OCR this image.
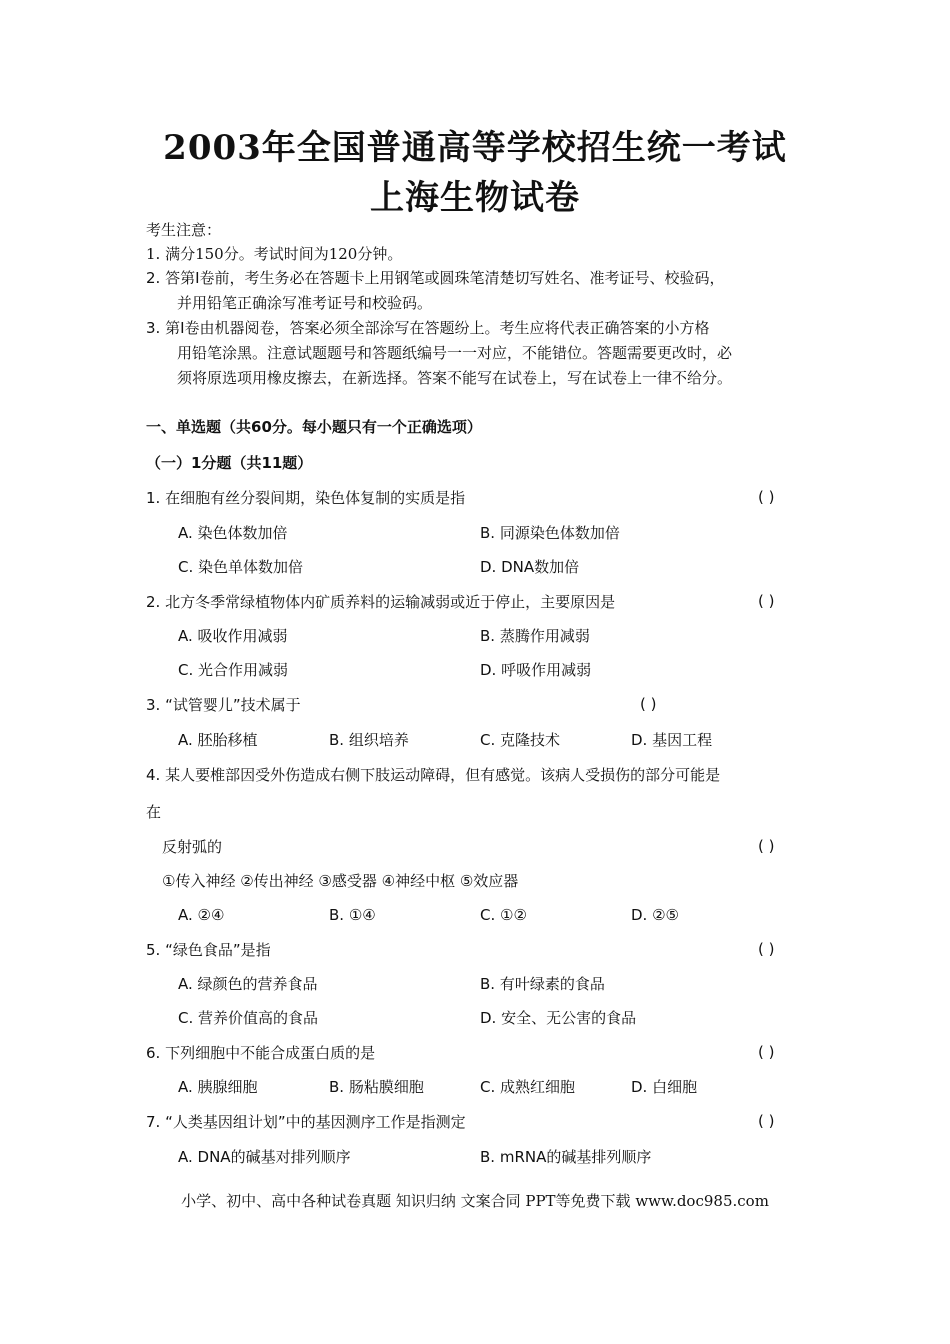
2003年全国普通高等学校招生统一考试
上海生物试卷
考生注意：
1. 满分150分。考试时间为120分钟。
2. 答第Ⅰ卷前，考生务必在答题卡上用钢笔或圆珠笔清楚切写姓名、准考证号、校验码，
并用铅笔正确涂写准考证号和校验码。
3. 第Ⅰ卷由机器阅卷，答案必须全部涂写在答题纷上。考生应将代表正确答案的小方格
用铅笔涂黑。注意试题题号和答题纸编号一一对应，不能错位。答题需要更改时，必
须将原选项用橡皮擦去，在新选择。答案不能写在试卷上，写在试卷上一律不给分。
一、单选题（共60分。每小题只有一个正确选项）
（一）1分题（共11题）
1. 在细胞有丝分裂间期，染色体复制的实质是指	( )
A. 染色体数加倍	B. 同源染色体数加倍
C. 染色单体数加倍	D. DNA数加倍
2. 北方冬季常绿植物体内矿质养料的运输减弱或近于停止，主要原因是	( )
A. 吸收作用减弱	B. 蒸腾作用减弱
C. 光合作用减弱	D. 呼吸作用减弱
3. “试管婴儿”技术属于	( )
A. 胚胎移植	B. 组织培养	C. 克隆技术	D. 基因工程
4. 某人要椎部因受外伤造成右侧下肢运动障碍，但有感觉。该病人受损伤的部分可能是
在
反射弧的	( )
①传入神经 ②传出神经 ③感受器 ④神经中枢 ⑤效应器
A. ②④	B. ①④	C. ①②	D. ②⑤
5. “绿色食品”是指	( )
A. 绿颜色的营养食品	B. 有叶绿素的食品
C. 营养价值高的食品	D. 安全、无公害的食品
6. 下列细胞中不能合成蛋白质的是	( )
A. 胰腺细胞	B. 肠粘膜细胞	C. 成熟红细胞	D. 白细胞
7. “人类基因组计划”中的基因测序工作是指测定	( )
A. DNA的碱基对排列顺序	B. mRNA的碱基排列顺序
小学、初中、高中各种试卷真题 知识归纳 文案合同 PPT等免费下载 www.doc985.com
